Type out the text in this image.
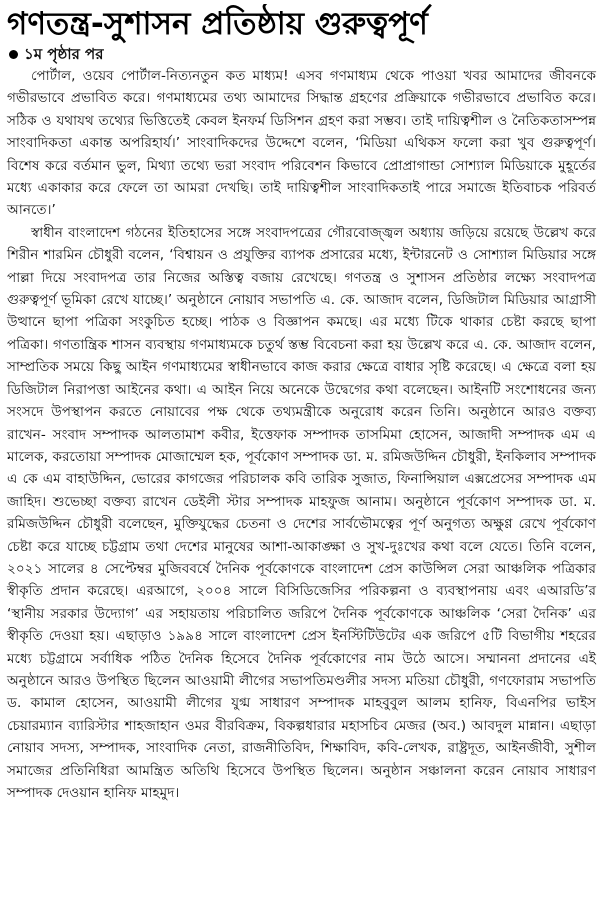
গণতন্ত্র-সুশাসন প্রতিষ্ঠায় গুরুত্বপূর্ণ
১ম পৃষ্ঠার পর

পোর্টাল, ওয়েব পোর্টাল-নিত্যনতুন কত মাধ্যম! এসব গণমাধ্যম থেকে পাওয়া খবর আমাদের জীবনকে গভীরভাবে প্রভাবিত করে। গণমাধ্যমের তথ্য আমাদের সিদ্ধান্ত গ্রহণের প্রক্রিয়াকে গভীরভাবে প্রভাবিত করে। সঠিক ও যথাযথ তথ্যের ভিত্তিতেই কেবল ইনফর্ম ডিসিশন গ্রহণ করা সম্ভব। তাই দায়িত্বশীল ও নৈতিকতাসম্পন্ন সাংবাদিকতা একান্ত অপরিহার্য।’ সাংবাদিকদের উদ্দেশে বলেন, ‘মিডিয়া এথিকস ফলো করা খুব গুরুত্বপূর্ণ। বিশেষ করে বর্তমান ভুল, মিথ্যা তথ্যে ভরা সংবাদ পরিবেশন কিভাবে প্রোপ্রাগান্ডা সোশ্যাল মিডিয়াকে মুহূর্তের মধ্যে একাকার করে ফেলে তা আমরা দেখছি। তাই দায়িত্বশীল সাংবাদিকতাই পারে সমাজে ইতিবাচক পরিবর্ত আনতে।’

স্বাধীন বাংলাদেশ গঠনের ইতিহাসের সঙ্গে সংবাদপত্রের গৌরবোজ্জ্বল অধ্যায় জড়িয়ে রয়েছে উল্লেখ করে শিরীন শারমিন চৌধুরী বলেন, ‘বিশ্বায়ন ও প্রযুক্তির ব্যাপক প্রসারের মধ্যে, ইন্টারনেট ও সোশ্যাল মিডিয়ার সঙ্গে পাল্লা দিয়ে সংবাদপত্র তার নিজের অস্তিত্ব বজায় রেখেছে। গণতন্ত্র ও সুশাসন প্রতিষ্ঠার লক্ষ্যে সংবাদপত্র গুরুত্বপূর্ণ ভূমিকা রেখে যাচ্ছে।’ অনুষ্ঠানে নোয়াব সভাপতি এ. কে. আজাদ বলেন, ডিজিটাল মিডিয়ার আগ্রাসী উত্থানে ছাপা পত্রিকা সংকুচিত হচ্ছে। পাঠক ও বিজ্ঞাপন কমছে। এর মধ্যে টিকে থাকার চেষ্টা করছে ছাপা পত্রিকা। গণতান্ত্রিক শাসন ব্যবস্থায় গণমাধ্যমকে চতুর্থ স্তম্ভ বিবেচনা করা হয় উল্লেখ করে এ. কে. আজাদ বলেন, সাম্প্রতিক সময়ে কিছু আইন গণমাধ্যমের স্বাধীনভাবে কাজ করার ক্ষেত্রে বাধার সৃষ্টি করেছে। এ ক্ষেত্রে বলা হয় ডিজিটাল নিরাপত্তা আইনের কথা। এ আইন নিয়ে অনেকে উদ্বেগের কথা বলেছেন। আইনটি সংশোধনের জন্য সংসদে উপস্থাপন করতে নোয়াবের পক্ষ থেকে তথ্যমন্ত্রীকে অনুরোধ করেন তিনি। অনুষ্ঠানে আরও বক্তব্য রাখেন- সংবাদ সম্পাদক আলতামাশ কবীর, ইত্তেফাক সম্পাদক তাসমিমা হোসেন, আজাদী সম্পাদক এম এ মালেক, করতোয়া সম্পাদক মোজাম্মেল হক, পূর্বকোণ সম্পাদক ডা. ম. রমিজউদ্দিন চৌধুরী, ইনকিলাব সম্পাদক এ কে এম বাহাউদ্দিন, ভোরের কাগজের পরিচালক কবি তারিক সুজাত, ফিনান্সিয়াল এক্সপ্রেসের সম্পাদক এম জাহিদ। শুভেচ্ছা বক্তব্য রাখেন ডেইলী স্টার সম্পাদক মাহফুজ আনাম। অনুষ্ঠানে পূর্বকোণ সম্পাদক ডা. ম. রমিজউদ্দিন চৌধুরী বলেছেন, মুক্তিযুদ্ধের চেতনা ও দেশের সার্বভৌমত্বের পূর্ণ অনুগত্য অক্ষুণ্ণ রেখে পূর্বকোণ চেষ্টা করে যাচ্ছে চট্টগ্রাম তথা দেশের মানুষের আশা-আকাঙ্ক্ষা ও সুখ-দুঃখের কথা বলে যেতে। তিনি বলেন, ২০২১ সালের ৪ সেপ্টেম্বর মুজিববর্ষে দৈনিক পূর্বকোণকে বাংলাদেশ প্রেস কাউন্সিল সেরা আঞ্চলিক পত্রিকার স্বীকৃতি প্রদান করেছে। এরআগে, ২০০৪ সালে বিসিডিজেসির পরিকল্পনা ও ব্যবস্থাপনায় এবং এআরডি’র ‘স্থানীয় সরকার উদ্যোগ’ এর সহায়তায় পরিচালিত জরিপে দৈনিক পূর্বকোণকে আঞ্চলিক ‘সেরা দৈনিক’ এর স্বীকৃতি দেওয়া হয়। এছাড়াও ১৯৯৪ সালে বাংলাদেশ প্রেস ইনস্টিটিউটের এক জরিপে ৫টি বিভাগীয় শহরের মধ্যে চট্টগ্রামে সর্বাধিক পঠিত দৈনিক হিসেবে দৈনিক পূর্বকোণের নাম উঠে আসে। সম্মাননা প্রদানের এই অনুষ্ঠানে আরও উপস্থিত ছিলেন আওয়ামী লীগের সভাপতিমণ্ডলীর সদস্য মতিয়া চৌধুরী, গণফোরাম সভাপতি ড. কামাল হোসেন, আওয়ামী লীগের যুগ্ম সাধারণ সম্পাদক মাহবুবুল আলম হানিফ, বিএনপির ভাইস চেয়ারম্যান ব্যারিস্টার শাহজাহান ওমর বীরবিক্রম, বিকল্পধারার মহাসচিব মেজর (অব.) আবদুল মান্নান। এছাড়া নোয়াব সদস্য, সম্পাদক, সাংবাদিক নেতা, রাজনীতিবিদ, শিক্ষাবিদ, কবি-লেখক, রাষ্ট্রদূত, আইনজীবী, সুশীল সমাজের প্রতিনিধিরা আমন্ত্রিত অতিথি হিসেবে উপস্থিত ছিলেন। অনুষ্ঠান সঞ্চালনা করেন নোয়াব সাধারণ সম্পাদক দেওয়ান হানিফ মাহমুদ।
